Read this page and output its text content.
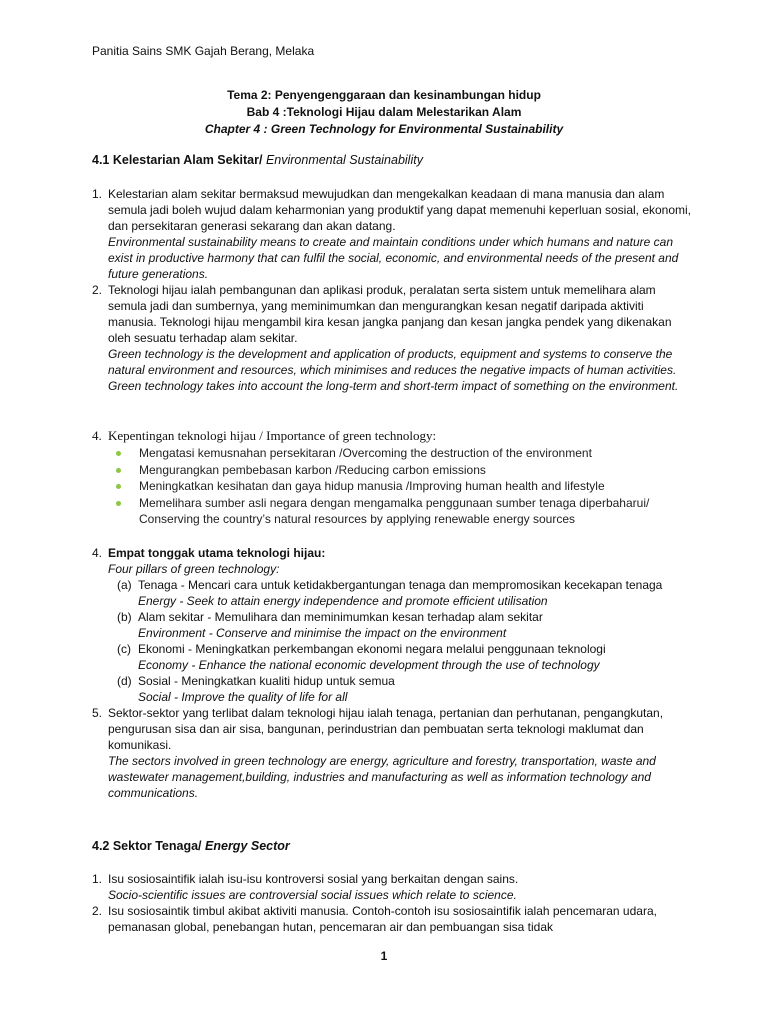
Panitia Sains SMK Gajah Berang, Melaka
Tema 2: Penyengenggaraan dan kesinambungan hidup
Bab 4 :Teknologi Hijau dalam Melestarikan Alam
Chapter 4 : Green Technology for Environmental Sustainability
4.1 Kelestarian Alam Sekitar/ Environmental Sustainability
1. Kelestarian alam sekitar bermaksud mewujudkan dan mengekalkan keadaan di mana manusia dan alam semula jadi boleh wujud dalam keharmonian yang produktif yang dapat memenuhi keperluan sosial, ekonomi, dan persekitaran generasi sekarang dan akan datang.
Environmental sustainability means to create and maintain conditions under which humans and nature can exist in productive harmony that can fulfil the social, economic, and environmental needs of the present and future generations.
2. Teknologi hijau ialah pembangunan dan aplikasi produk, peralatan serta sistem untuk memelihara alam semula jadi dan sumbernya, yang meminimumkan dan mengurangkan kesan negatif daripada aktiviti manusia. Teknologi hijau mengambil kira kesan jangka panjang dan kesan jangka pendek yang dikenakan oleh sesuatu terhadap alam sekitar.
Green technology is the development and application of products, equipment and systems to conserve the natural environment and resources, which minimises and reduces the negative impacts of human activities. Green technology takes into account the long-term and short-term impact of something on the environment.
4. Kepentingan teknologi hijau / Importance of green technology:
Mengatasi kemusnahan persekitaran /Overcoming the destruction of the environment
Mengurangkan pembebasan karbon /Reducing carbon emissions
Meningkatkan kesihatan dan gaya hidup manusia /Improving human health and lifestyle
Memelihara sumber asli negara dengan mengamalka penggunaan sumber tenaga diperbaharui/ Conserving the country’s natural resources by applying renewable energy sources
4. Empat tonggak utama teknologi hijau:
Four pillars of green technology:
(a) Tenaga - Mencari cara untuk ketidakbergantungan tenaga dan mempromosikan kecekapan tenaga
Energy - Seek to attain energy independence and promote efficient utilisation
(b) Alam sekitar - Memulihara dan meminimumkan kesan terhadap alam sekitar
Environment - Conserve and minimise the impact on the environment
(c) Ekonomi - Meningkatkan perkembangan ekonomi negara melalui penggunaan teknologi
Economy - Enhance the national economic development through the use of technology
(d) Sosial - Meningkatkan kualiti hidup untuk semua
Social - Improve the quality of life for all
5. Sektor-sektor yang terlibat dalam teknologi hijau ialah tenaga, pertanian dan perhutanan, pengangkutan, pengurusan sisa dan air sisa, bangunan, perindustrian dan pembuatan serta teknologi maklumat dan komunikasi.
The sectors involved in green technology are energy, agriculture and forestry, transportation, waste and wastewater management,building, industries and manufacturing as well as information technology and communications.
4.2 Sektor Tenaga/ Energy Sector
1. Isu sosiosaintifik ialah isu-isu kontroversi sosial yang berkaitan dengan sains.
Socio-scientific issues are controversial social issues which relate to science.
2. Isu sosiosaintik timbul akibat aktiviti manusia. Contoh-contoh isu sosiosaintifik ialah pencemaran udara, pemanasan global, penebangan hutan, pencemaran air dan pembuangan sisa tidak
1
